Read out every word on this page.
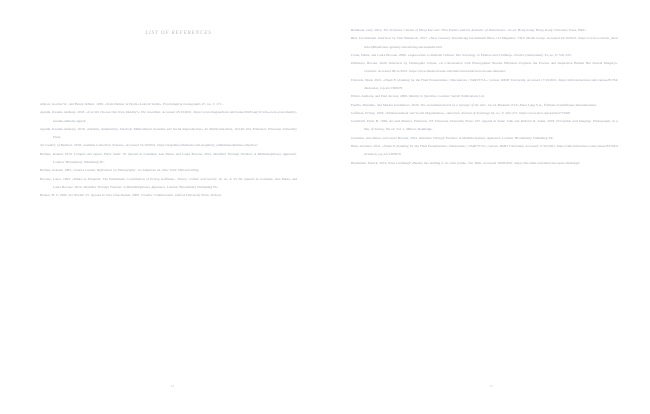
LIST OF REFERENCES
Allport, Gordon W., and Henry Odbert. 1936. «Trait-Names: A Psycho-Lexical Study». Psychological monographs 47, no. 1: 171–.
Appiah, Kwame Anthony. 2018. «Can We Choose Our Own Identity?» The Guardian. Accessed 23/10/2021. https://www.theguardian.com/books/2018/aug/31/who-owns-your-identity-kwame-anthony-appiah
Appiah, Kwame Anthony. 2019. «Identity, Authenticity, Survival: Multicultural Societies and Social Reproduction». In Multiculturalism, 19:149–164. Princeton: Princeton University Press.
Art Gallery of Ballarat. 2018. «Lumina Collective: Echoes». Accessed 31/10/2021. https://artgalleryofballarat.com.au/gallery_exhibitions/lumina-collective/
Barthes, Roland. 1970. L'empire des signes. Paris: Seuil: 79. Quoted in González, Ana Marta, and Laura Bovone. 2012. Identities Through Fashion: A Multidisciplinary Approach. London: Bloomsbury Publishing Plc.
Barthes, Roland. 1981. Camera Lucida: Reflections on Photography. 1st American ed. New York: Hill and Wang.
Bovone, Laura. 1993. «Ethics as Etiquette: The Emblematic Contribution of Erving Goffman». Theory, Culture and Society 10, no. 4: 25–39. Quoted in González, Ana Marta, and Laura Bovone. 2012. Identities Through Fashion: A Multidisciplinary Approach. London: Bloomsbury Publishing Plc.
Becker, H. S. 1982. Art Worlds: 25. Quoted in Vera John-Steiner. 2000. Creative Collaboration. Oxford University Press, Oxford.
24
Bettinson, Gary. 2014. The Sensuous Cinema of Wong Kar-wai: Film Poetics and the Aesthetic of Disturbance. 1st ed. Hong Kong: Hong Kong University Press, HKU.
Bird, Ian Kenneth. Interview by Tish Weinstock. 2017. «New Genuary: Introducing Ian Kenneth Bird» i-D Magazine. VICE Media Group. Accessed 24/10/2021. https://i-d.vice.com/en_uk/article/bj9bneb/new-genuary-introducing-ian-kenneth-bird
Crane, Diana, and Laura Bovone. 2006. «Approaches to Material Culture: The Sociology of Fashion and Clothing». Poetics (Amsterdam) 34, no. 6: 319–333.
DiDonato, Brooke. 2020. Interview by Christopher Jobson. «A Conversation with Photographer Brooke DiDonato Explores the Process and Inspiration Behind Her Surreal Imagery». Colossal. Accessed 06/11/2021. https://www.thisiscolossal.com/interviews/interview-brooke-didonato/
Edwards, Mark. 2021. «Week 8: planning for the Final Presentations | Discussions | VART3713». Canvas. RMIT University. Accessed 17/10/2021. https://rmit.instructure.com/courses/81764/discussion_top-ics/1365679
Elliott, Anthony, and Paul du Gay. 2009. Identity in Question. London: SAGE Publications Ltd.
Fusillo, Massimo, and Marina Grishakova. 2020. The Gesamtkunstwerk as a Synergy of the Arts. 1st ed. Brussels: P.I.E.-Peter Lang S.A., Éditions Scientifiques Internationales.
Goffman, Erving. 1956. «Embarrassment and Social Organization». American Journal of Sociology 62, no. 3: 264–271. https://www.jstor.org/stable/2772920
Gombrich, Ernst H. 1969. Art and Illusion. Princeton, NJ: Princeton University Press: 105. Quoted in Suler, John and Richard D. Zakia. 2018. Perception and Imaging: Photography as a Way of Seeing. 5th ed. Vol. 1. Milton: Routledge.
González, Ana Marta, and Laura Bovone. 2012. Identities Through Fashion: A Multidisciplinary Approach. London: Bloomsbury Publishing Plc.
Hain, Oceanna. 2021. «Week 8: planning for the Final Presentations | Discussions | VART3713». Canvas. RMIT University. Accessed 17/10/2021. https://rmit.instructure.com/courses/81764/discussion_top-ics/1365679
Heckmann, Patrick. 2019. Peter Lindbergh «Beauty has nothing to do with youth». The Talks. Accessed 16/08/2021. https://the-talks.com/interview/peter-lindbergh/
25
